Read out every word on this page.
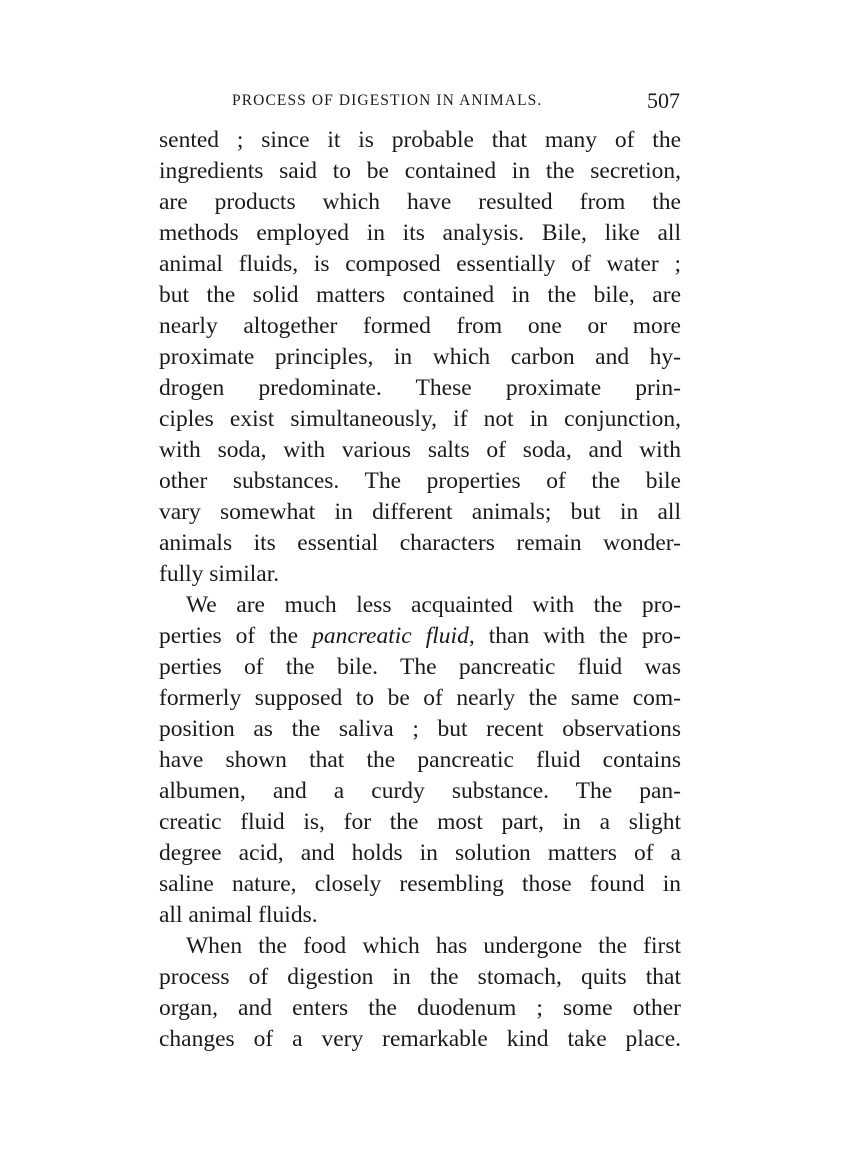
PROCESS OF DIGESTION IN ANIMALS.	507
sented ; since it is probable that many of the
ingredients said to be contained in the secretion,
are products which have resulted from the
methods employed in its analysis. Bile, like all
animal fluids, is composed essentially of water ;
but the solid matters contained in the bile, are
nearly altogether formed from one or more
proximate principles, in which carbon and hy-
drogen predominate. These proximate prin-
ciples exist simultaneously, if not in conjunction,
with soda, with various salts of soda, and with
other substances. The properties of the bile
vary somewhat in different animals; but in all
animals its essential characters remain wonder-
fully similar.
We are much less acquainted with the pro-
perties of the pancreatic fluid, than with the pro-
perties of the bile. The pancreatic fluid was
formerly supposed to be of nearly the same com-
position as the saliva ; but recent observations
have shown that the pancreatic fluid contains
albumen, and a curdy substance. The pan-
creatic fluid is, for the most part, in a slight
degree acid, and holds in solution matters of a
saline nature, closely resembling those found in
all animal fluids.
When the food which has undergone the first
process of digestion in the stomach, quits that
organ, and enters the duodenum ; some other
changes of a very remarkable kind take place.
